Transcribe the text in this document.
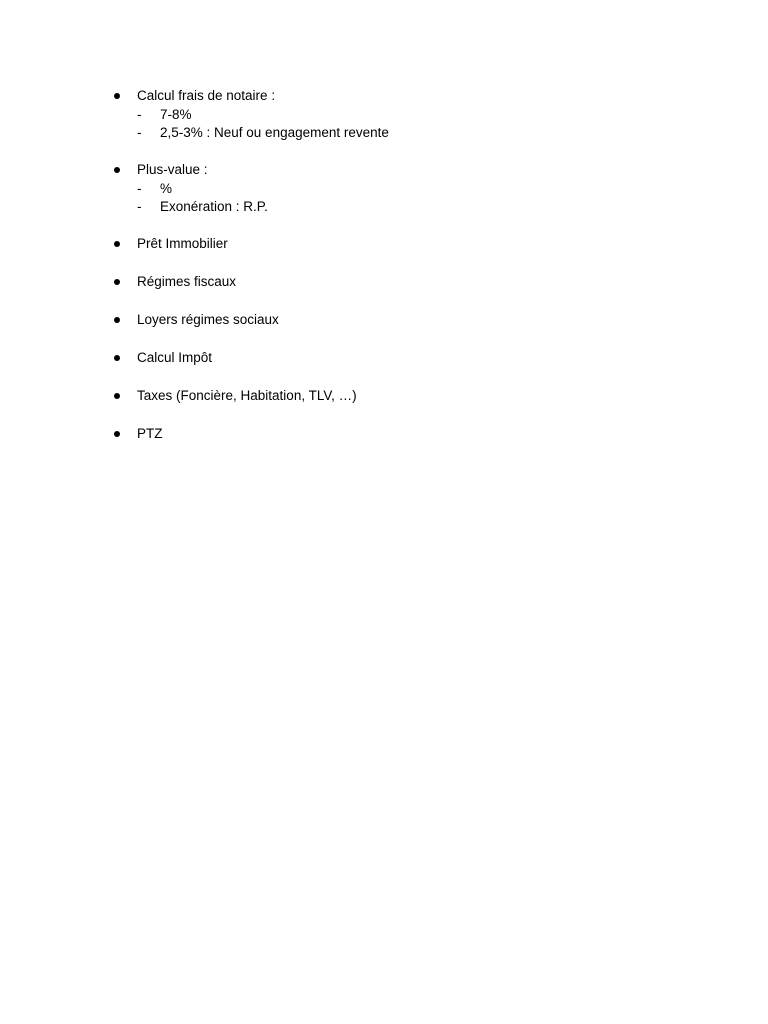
Calcul frais de notaire :
- 7-8%
- 2,5-3% : Neuf ou engagement revente
Plus-value :
- %
- Exonération : R.P.
Prêt Immobilier
Régimes fiscaux
Loyers régimes sociaux
Calcul Impôt
Taxes (Foncière, Habitation, TLV, …)
PTZ
